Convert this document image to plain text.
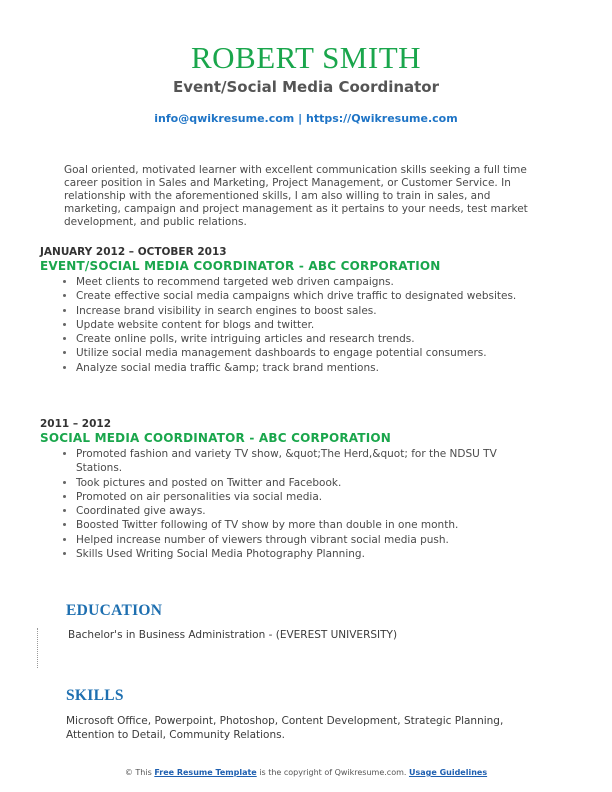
ROBERT SMITH
Event/Social Media Coordinator
info@qwikresume.com | https://Qwikresume.com

Goal oriented, motivated learner with excellent communication skills seeking a full time career position in Sales and Marketing, Project Management, or Customer Service. In relationship with the aforementioned skills, I am also willing to train in sales, and marketing, campaign and project management as it pertains to your needs, test market development, and public relations.

JANUARY 2012 – OCTOBER 2013
EVENT/SOCIAL MEDIA COORDINATOR - ABC CORPORATION
• Meet clients to recommend targeted web driven campaigns.
• Create effective social media campaigns which drive traffic to designated websites.
• Increase brand visibility in search engines to boost sales.
• Update website content for blogs and twitter.
• Create online polls, write intriguing articles and research trends.
• Utilize social media management dashboards to engage potential consumers.
• Analyze social media traffic &amp; track brand mentions.
2011 – 2012
SOCIAL MEDIA COORDINATOR - ABC CORPORATION
• Promoted fashion and variety TV show, &quot;The Herd,&quot; for the NDSU TV Stations.
• Took pictures and posted on Twitter and Facebook.
• Promoted on air personalities via social media.
• Coordinated give aways.
• Boosted Twitter following of TV show by more than double in one month.
• Helped increase number of viewers through vibrant social media push.
• Skills Used Writing Social Media Photography Planning.
EDUCATION
Bachelor's in Business Administration - (EVEREST UNIVERSITY)
SKILLS
Microsoft Office, Powerpoint, Photoshop, Content Development, Strategic Planning, Attention to Detail, Community Relations.
© This Free Resume Template is the copyright of Qwikresume.com. Usage Guidelines
